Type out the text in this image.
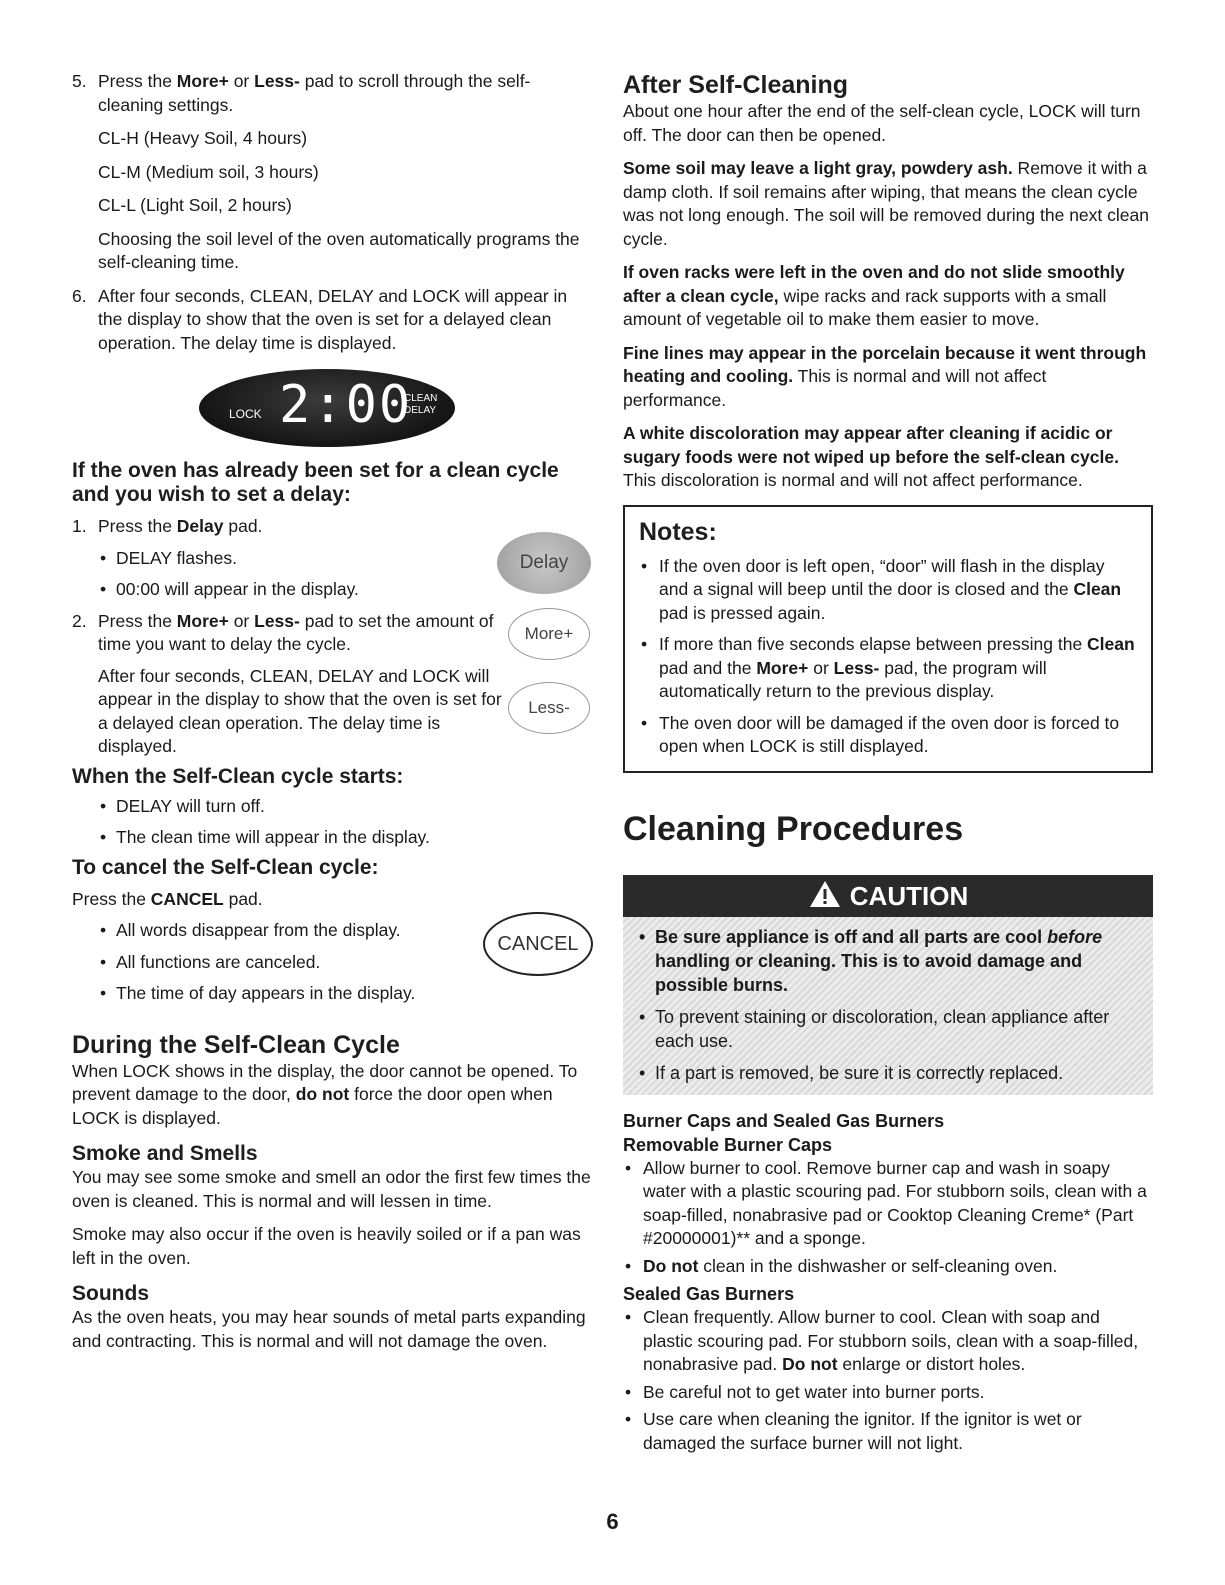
5. Press the More+ or Less- pad to scroll through the self-cleaning settings.

CL-H (Heavy Soil, 4 hours)

CL-M (Medium soil, 3 hours)

CL-L (Light Soil, 2 hours)

Choosing the soil level of the oven automatically programs the self-cleaning time.

6. After four seconds, CLEAN, DELAY and LOCK will appear in the display to show that the oven is set for a delayed clean operation. The delay time is displayed.
LOCK 2:00
CLEAN
DELAY
If the oven has already been set for a clean cycle and you wish to set a delay:
1. Press the Delay pad.
• DELAY flashes.
• 00:00 will appear in the display.
2. Press the More+ or Less- pad to set the amount of time you want to delay the cycle.

After four seconds, CLEAN, DELAY and LOCK will appear in the display to show that the oven is set for a delayed clean operation. The delay time is displayed.

When the Self-Clean cycle starts:
• DELAY will turn off.
• The clean time will appear in the display.
To cancel the Self-Clean cycle:

Press the CANCEL pad.

• All words disappear from the display.
• All functions are canceled.
• The time of day appears in the display.
During the Self-Clean Cycle

When LOCK shows in the display, the door cannot be opened. To prevent damage to the door, do not force the door open when LOCK is displayed.

Smoke and Smells

You may see some smoke and smell an odor the first few times the oven is cleaned. This is normal and will lessen in time.

Smoke may also occur if the oven is heavily soiled or if a pan was left in the oven.

Sounds

As the oven heats, you may hear sounds of metal parts expanding and contracting. This is normal and will not damage the oven.

Delay
More+
Less-
CANCEL
After Self-Cleaning

About one hour after the end of the self-clean cycle, LOCK will turn off. The door can then be opened.

Some soil may leave a light gray, powdery ash. Remove it with a damp cloth. If soil remains after wiping, that means the clean cycle was not long enough. The soil will be removed during the next clean cycle.

If oven racks were left in the oven and do not slide smoothly after a clean cycle, wipe racks and rack supports with a small amount of vegetable oil to make them easier to move.

Fine lines may appear in the porcelain because it went through heating and cooling. This is normal and will not affect performance.

A white discoloration may appear after cleaning if acidic or sugary foods were not wiped up before the self-clean cycle. This discoloration is normal and will not affect performance.

Notes:
• If the oven door is left open, “door” will flash in the display and a signal will beep until the door is closed and the Clean pad is pressed again.
• If more than five seconds elapse between pressing the Clean pad and the More+ or Less- pad, the program will automatically return to the previous display.
• The oven door will be damaged if the oven door is forced to open when LOCK is still displayed.
Cleaning Procedures
CAUTION
• Be sure appliance is off and all parts are cool before handling or cleaning. This is to avoid damage and possible burns.
• To prevent staining or discoloration, clean appliance after each use.
• If a part is removed, be sure it is correctly replaced.
Burner Caps and Sealed Gas Burners
Removable Burner Caps
• Allow burner to cool. Remove burner cap and wash in soapy water with a plastic scouring pad. For stubborn soils, clean with a soap-filled, nonabrasive pad or Cooktop Cleaning Creme* (Part #20000001)** and a sponge.
• Do not clean in the dishwasher or self-cleaning oven.
Sealed Gas Burners
• Clean frequently. Allow burner to cool. Clean with soap and plastic scouring pad. For stubborn soils, clean with a soap-filled, nonabrasive pad. Do not enlarge or distort holes.
• Be careful not to get water into burner ports.
• Use care when cleaning the ignitor. If the ignitor is wet or damaged the surface burner will not light.
6
